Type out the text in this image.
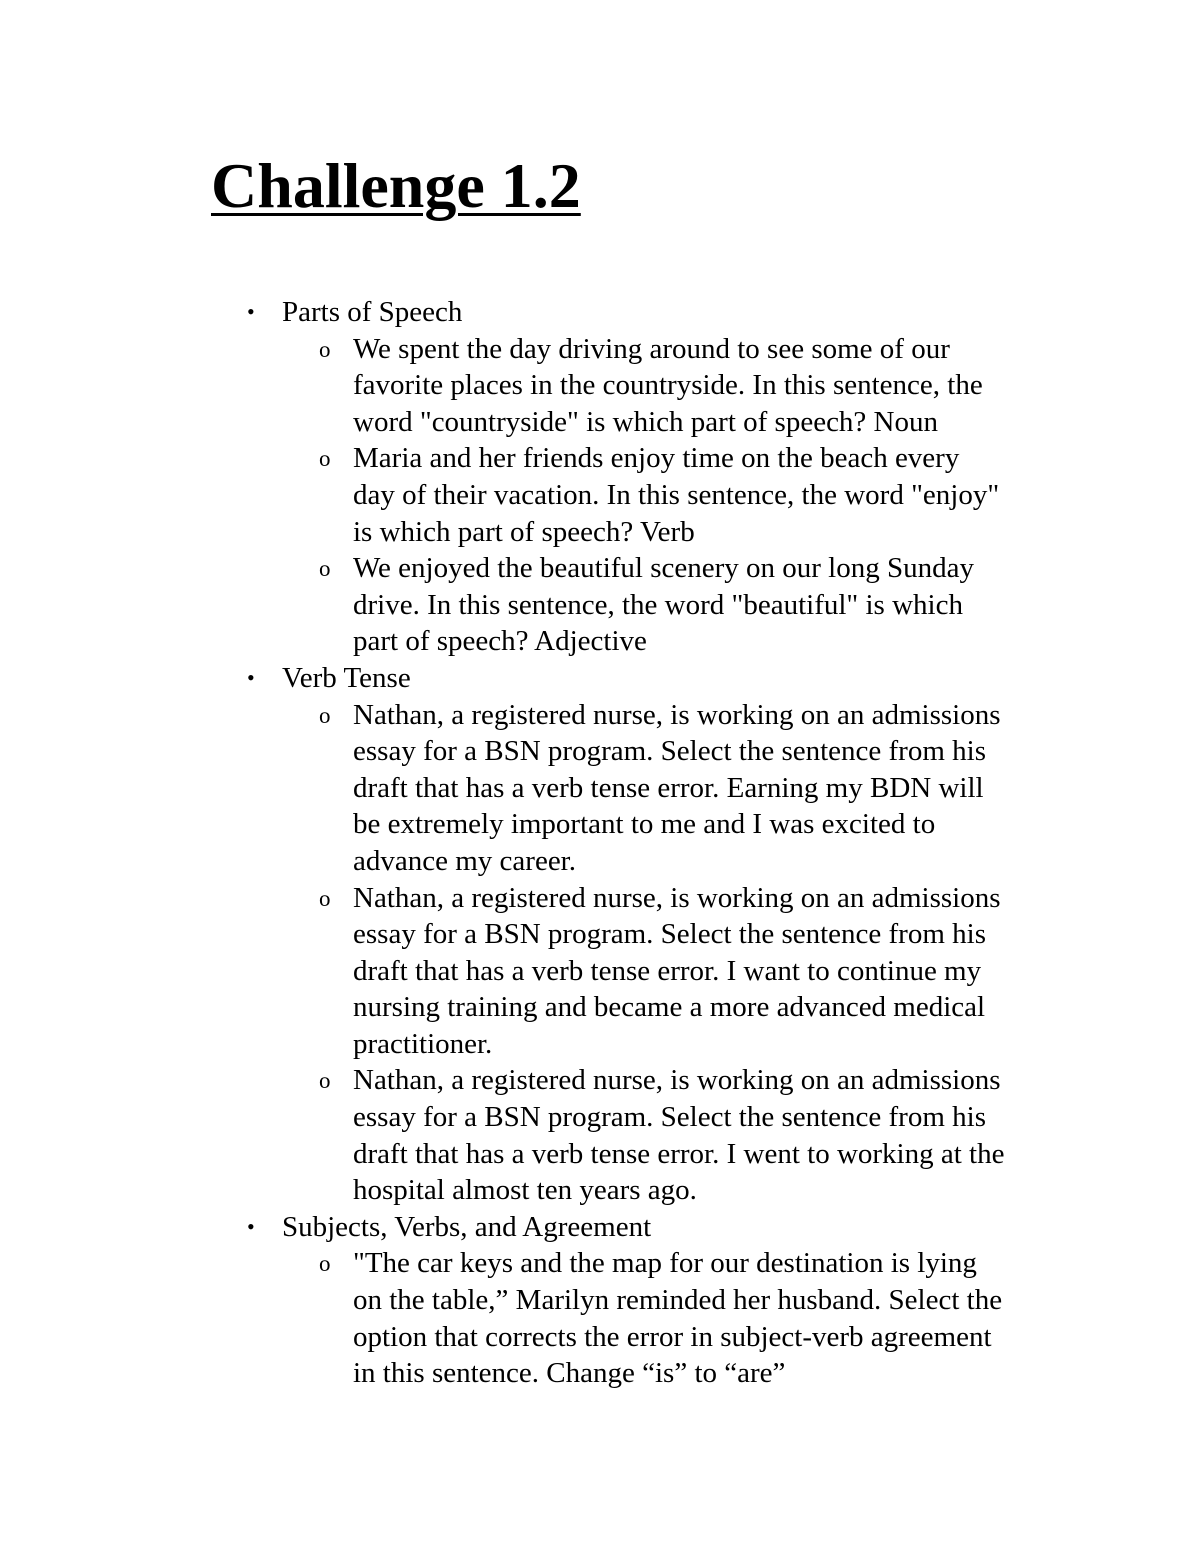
Challenge 1.2
• Parts of Speech
o We spent the day driving around to see some of our
favorite places in the countryside. In this sentence, the
word "countryside" is which part of speech? Noun
o Maria and her friends enjoy time on the beach every
day of their vacation. In this sentence, the word "enjoy"
is which part of speech? Verb
o We enjoyed the beautiful scenery on our long Sunday
drive. In this sentence, the word "beautiful" is which
part of speech? Adjective
• Verb Tense
o Nathan, a registered nurse, is working on an admissions
essay for a BSN program. Select the sentence from his
draft that has a verb tense error. Earning my BDN will
be extremely important to me and I was excited to
advance my career.
o Nathan, a registered nurse, is working on an admissions
essay for a BSN program. Select the sentence from his
draft that has a verb tense error. I want to continue my
nursing training and became a more advanced medical
practitioner.
o Nathan, a registered nurse, is working on an admissions
essay for a BSN program. Select the sentence from his
draft that has a verb tense error. I went to working at the
hospital almost ten years ago.
• Subjects, Verbs, and Agreement
o "The car keys and the map for our destination is lying
on the table,” Marilyn reminded her husband. Select the
option that corrects the error in subject-verb agreement
in this sentence. Change “is” to “are”
